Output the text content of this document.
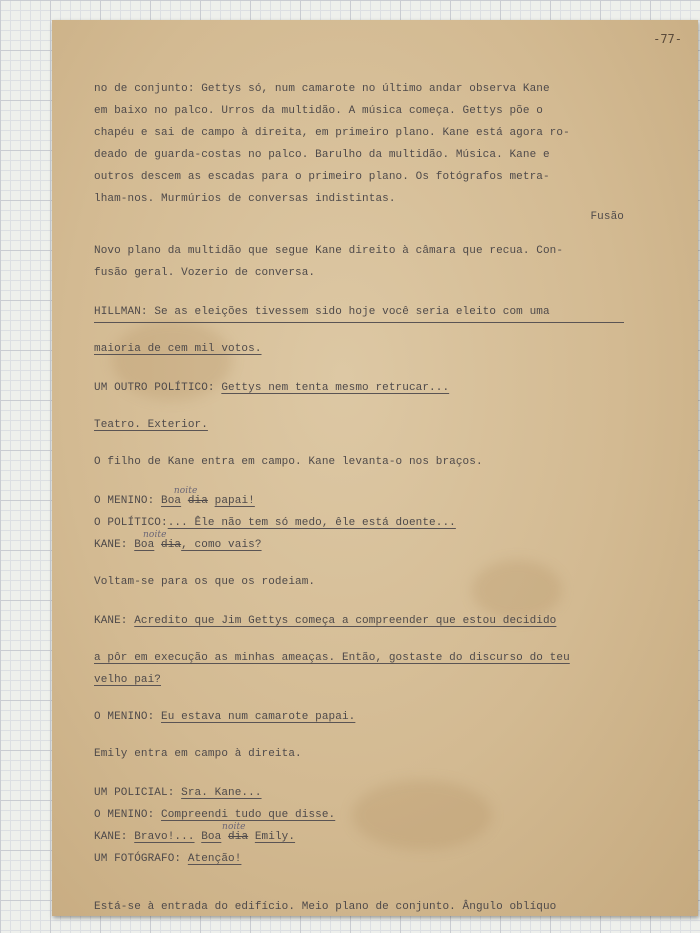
-77-
no de conjunto: Gettys só, num camarote no último andar observa Kane
em baixo no palco. Urros da multidão. A música começa. Gettys põe o
chapéu e sai de campo à direita, em primeiro plano. Kane está agora ro-
deado de guarda-costas no palco. Barulho da multidão. Música. Kane e
outros descem as escadas para o primeiro plano. Os fotógrafos metra-
lham-nos. Murmúrios de conversas indistintas.
Fusão
Novo plano da multidão que segue Kane direito à câmara que recua. Con-
fusão geral. Vozerio de conversa.
HILLMAN: Se as eleições tivessem sido hoje você seria eleito com uma
maioria de cem mil votos.
UM OUTRO POLÍTICO: Gettys nem tenta mesmo retrucar...
Teatro. Exterior.
O filho de Kane entra em campo. Kane levanta-o nos braços.
O MENINO: Boa dia
noite
papai!
O POLÍTICO:... Êle não tem só medo, êle está doente...
KANE: Boa dia
noite
, como vais?
Voltam-se para os que os rodeiam.
KANE: Acredito que Jim Gettys começa a compreender que estou decidido
a pôr em execução as minhas ameaças. Então, gostaste do discurso do teu
velho pai?
O MENINO: Eu estava num camarote papai.
Emily entra em campo à direita.
UM POLICIAL: Sra. Kane...
O MENINO: Compreendi tudo que disse.
KANE: Bravo!... Boa dia
noite
Emily.
UM FOTÓGRAFO: Atenção!
Está-se à entrada do edifício. Meio plano de conjunto. Ângulo oblíquo
